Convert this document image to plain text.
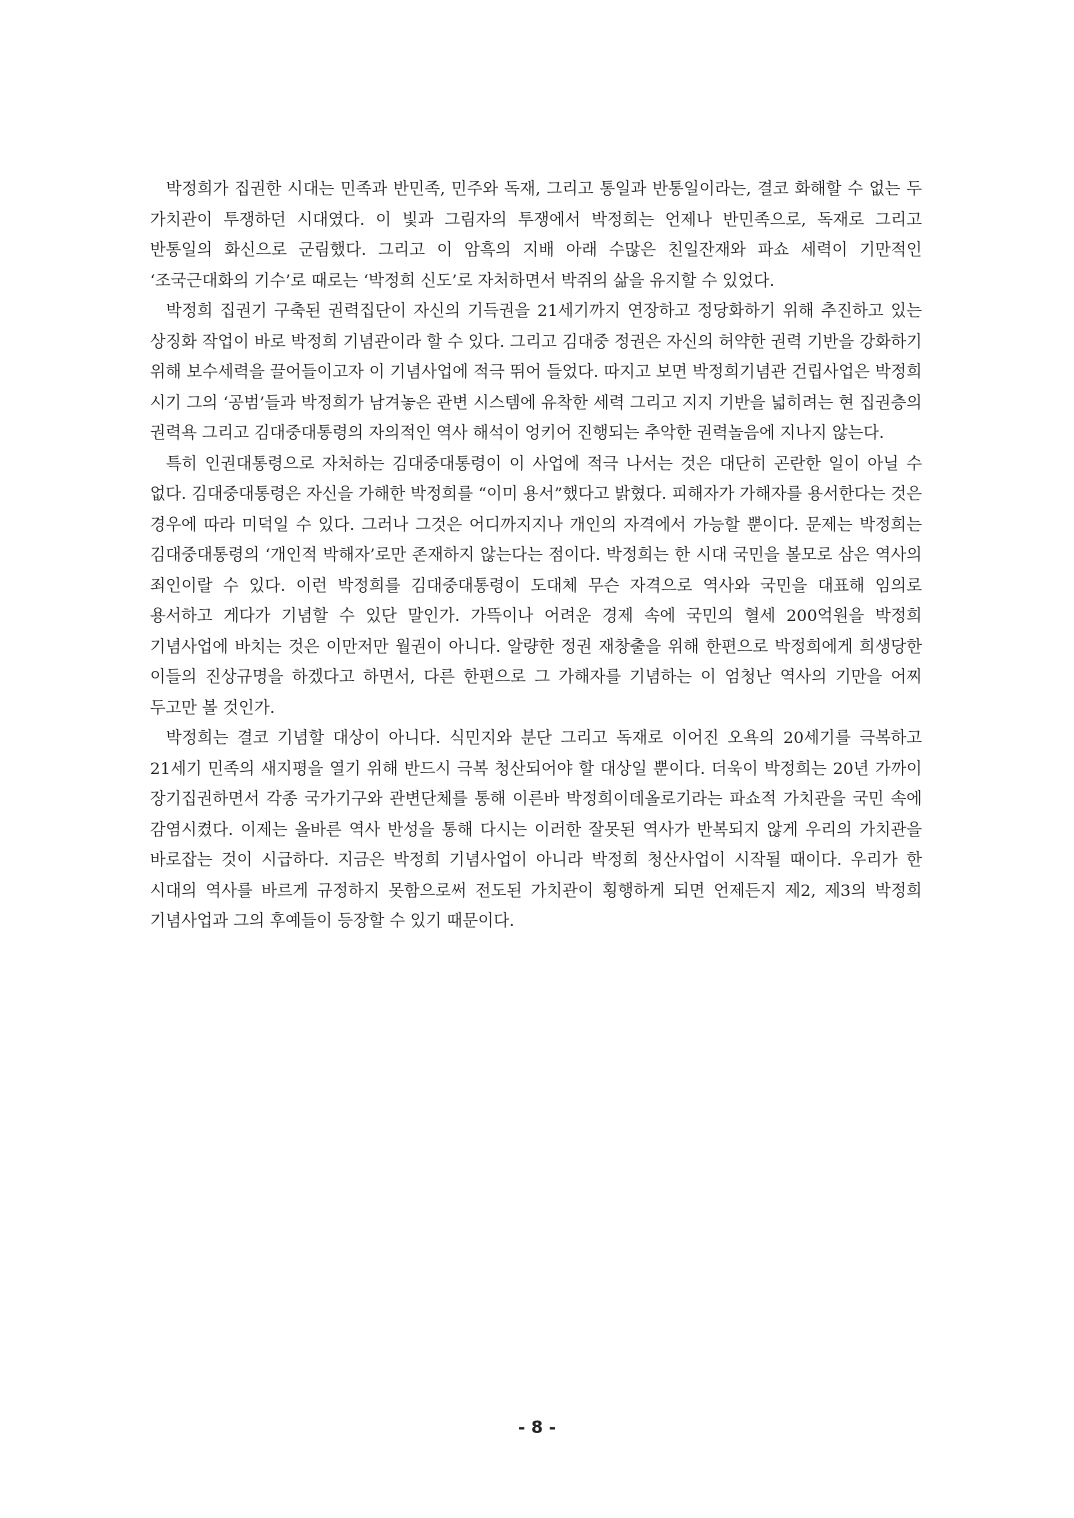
박정희가 집권한 시대는 민족과 반민족, 민주와 독재, 그리고 통일과 반통일이라는, 결코 화해할 수 없는 두 가치관이 투쟁하던 시대였다. 이 빛과 그림자의 투쟁에서 박정희는 언제나 반민족으로, 독재로 그리고 반통일의 화신으로 군림했다. 그리고 이 암흑의 지배 아래 수많은 친일잔재와 파쇼 세력이 기만적인 ‘조국근대화의 기수’로 때로는 ‘박정희 신도’로 자처하면서 박쥐의 삶을 유지할 수 있었다.

박정희 집권기 구축된 권력집단이 자신의 기득권을 21세기까지 연장하고 정당화하기 위해 추진하고 있는 상징화 작업이 바로 박정희 기념관이라 할 수 있다. 그리고 김대중 정권은 자신의 허약한 권력 기반을 강화하기 위해 보수세력을 끌어들이고자 이 기념사업에 적극 뛰어 들었다. 따지고 보면 박정희기념관 건립사업은 박정희 시기 그의 ‘공범’들과 박정희가 남겨놓은 관변 시스템에 유착한 세력 그리고 지지 기반을 넓히려는 현 집권층의 권력욕 그리고 김대중대통령의 자의적인 역사 해석이 엉키어 진행되는 추악한 권력놀음에 지나지 않는다.

특히 인권대통령으로 자처하는 김대중대통령이 이 사업에 적극 나서는 것은 대단히 곤란한 일이 아닐 수 없다. 김대중대통령은 자신을 가해한 박정희를 “이미 용서”했다고 밝혔다. 피해자가 가해자를 용서한다는 것은 경우에 따라 미덕일 수 있다. 그러나 그것은 어디까지지나 개인의 자격에서 가능할 뿐이다. 문제는 박정희는 김대중대통령의 ‘개인적 박해자’로만 존재하지 않는다는 점이다. 박정희는 한 시대 국민을 볼모로 삼은 역사의 죄인이랄 수 있다. 이런 박정희를 김대중대통령이 도대체 무슨 자격으로 역사와 국민을 대표해 임의로 용서하고 게다가 기념할 수 있단 말인가. 가뜩이나 어려운 경제 속에 국민의 혈세 200억원을 박정희 기념사업에 바치는 것은 이만저만 월권이 아니다. 알량한 정권 재창출을 위해 한편으로 박정희에게 희생당한 이들의 진상규명을 하겠다고 하면서, 다른 한편으로 그 가해자를 기념하는 이 엄청난 역사의 기만을 어찌 두고만 볼 것인가.

박정희는 결코 기념할 대상이 아니다. 식민지와 분단 그리고 독재로 이어진 오욕의 20세기를 극복하고 21세기 민족의 새지평을 열기 위해 반드시 극복 청산되어야 할 대상일 뿐이다. 더욱이 박정희는 20년 가까이 장기집권하면서 각종 국가기구와 관변단체를 통해 이른바 박정희이데올로기라는 파쇼적 가치관을 국민 속에 감염시켰다. 이제는 올바른 역사 반성을 통해 다시는 이러한 잘못된 역사가 반복되지 않게 우리의 가치관을 바로잡는 것이 시급하다. 지금은 박정희 기념사업이 아니라 박정희 청산사업이 시작될 때이다. 우리가 한 시대의 역사를 바르게 규정하지 못함으로써 전도된 가치관이 횡행하게 되면 언제든지 제2, 제3의 박정희 기념사업과 그의 후예들이 등장할 수 있기 때문이다.

- 8 -
